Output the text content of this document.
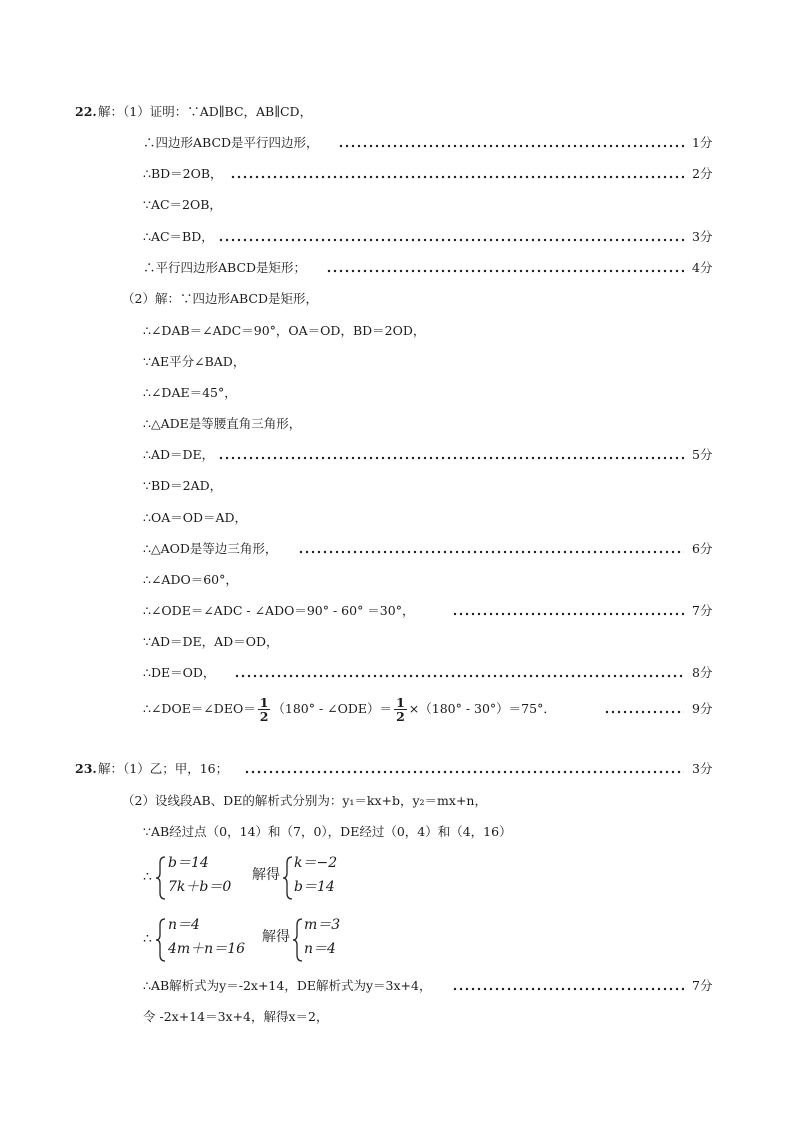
22. 解：（1）证明：∵AD∥BC，AB∥CD，
∴四边形ABCD是平行四边形，	1分
∴BD＝2OB，	2分
∵AC＝2OB，
∴AC＝BD，	3分
∴平行四边形ABCD是矩形；	4分
（2）解：∵四边形ABCD是矩形，
∴∠DAB＝∠ADC＝90°，OA＝OD，BD＝2OD，
∵AE平分∠BAD，
∴∠DAE＝45°，
∴△ADE是等腰直角三角形，
∴AD＝DE，	5分
∵BD＝2AD，
∴OA＝OD＝AD，
∴△AOD是等边三角形，	6分
∴∠ADO＝60°，
∴∠ODE＝∠ADC - ∠ADO＝90° - 60° ＝30°，	7分
∵AD＝DE，AD＝OD，
∴DE＝OD，	8分
∴∠DOE＝∠DEO＝ $\frac{1}{2} (180^\circ$ - ∠ODE）＝ $\frac{1}{2} \times(180^\circ - 30^\circ)=75^\circ$．	9分
23. 解：（1）乙；甲，16；	3分
（2）设线段AB、DE的解析式分别为：y₁＝kx+b，y₂＝mx+n，
∵AB经过点（0，14）和（7，0），DE经过（0，4）和（4，16）
∴
b＝14
7k＋b＝0
解得
k＝−2
b＝14
∴
n＝4
4m＋n＝16
解得
m＝3
n＝4
∴AB解析式为y＝-2x+14，DE解析式为y＝3x+4，	7分
令 -2x+14＝3x+4，解得x＝2，
